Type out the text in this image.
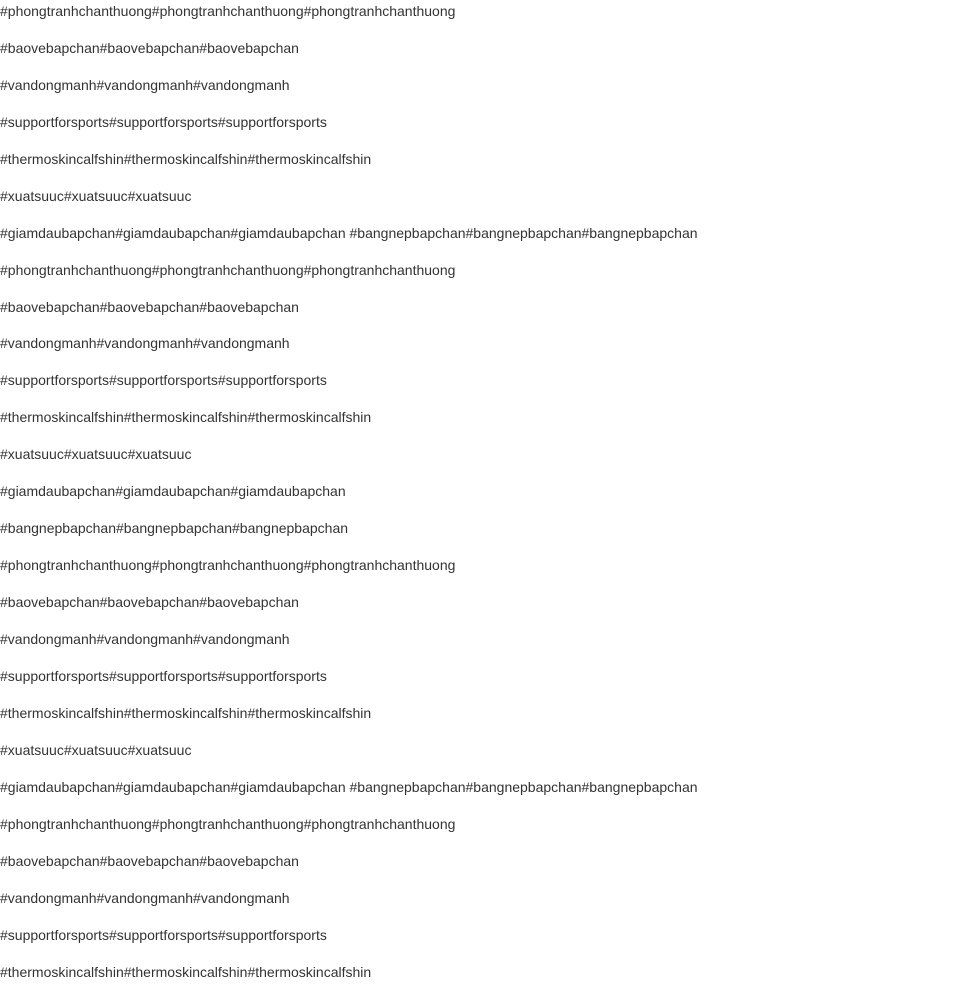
#phongtranhchanthuong#phongtranhchanthuong#phongtranhchanthuong

#baovebapchan#baovebapchan#baovebapchan

#vandongmanh#vandongmanh#vandongmanh

#supportforsports#supportforsports#supportforsports

#thermoskincalfshin#thermoskincalfshin#thermoskincalfshin

#xuatsuuc#xuatsuuc#xuatsuuc

#giamdaubapchan#giamdaubapchan#giamdaubapchan #bangnepbapchan#bangnepbapchan#bangnepbapchan

#phongtranhchanthuong#phongtranhchanthuong#phongtranhchanthuong

#baovebapchan#baovebapchan#baovebapchan

#vandongmanh#vandongmanh#vandongmanh

#supportforsports#supportforsports#supportforsports

#thermoskincalfshin#thermoskincalfshin#thermoskincalfshin

#xuatsuuc#xuatsuuc#xuatsuuc

#giamdaubapchan#giamdaubapchan#giamdaubapchan

#bangnepbapchan#bangnepbapchan#bangnepbapchan

#phongtranhchanthuong#phongtranhchanthuong#phongtranhchanthuong

#baovebapchan#baovebapchan#baovebapchan

#vandongmanh#vandongmanh#vandongmanh

#supportforsports#supportforsports#supportforsports

#thermoskincalfshin#thermoskincalfshin#thermoskincalfshin

#xuatsuuc#xuatsuuc#xuatsuuc

#giamdaubapchan#giamdaubapchan#giamdaubapchan #bangnepbapchan#bangnepbapchan#bangnepbapchan

#phongtranhchanthuong#phongtranhchanthuong#phongtranhchanthuong

#baovebapchan#baovebapchan#baovebapchan

#vandongmanh#vandongmanh#vandongmanh

#supportforsports#supportforsports#supportforsports

#thermoskincalfshin#thermoskincalfshin#thermoskincalfshin
